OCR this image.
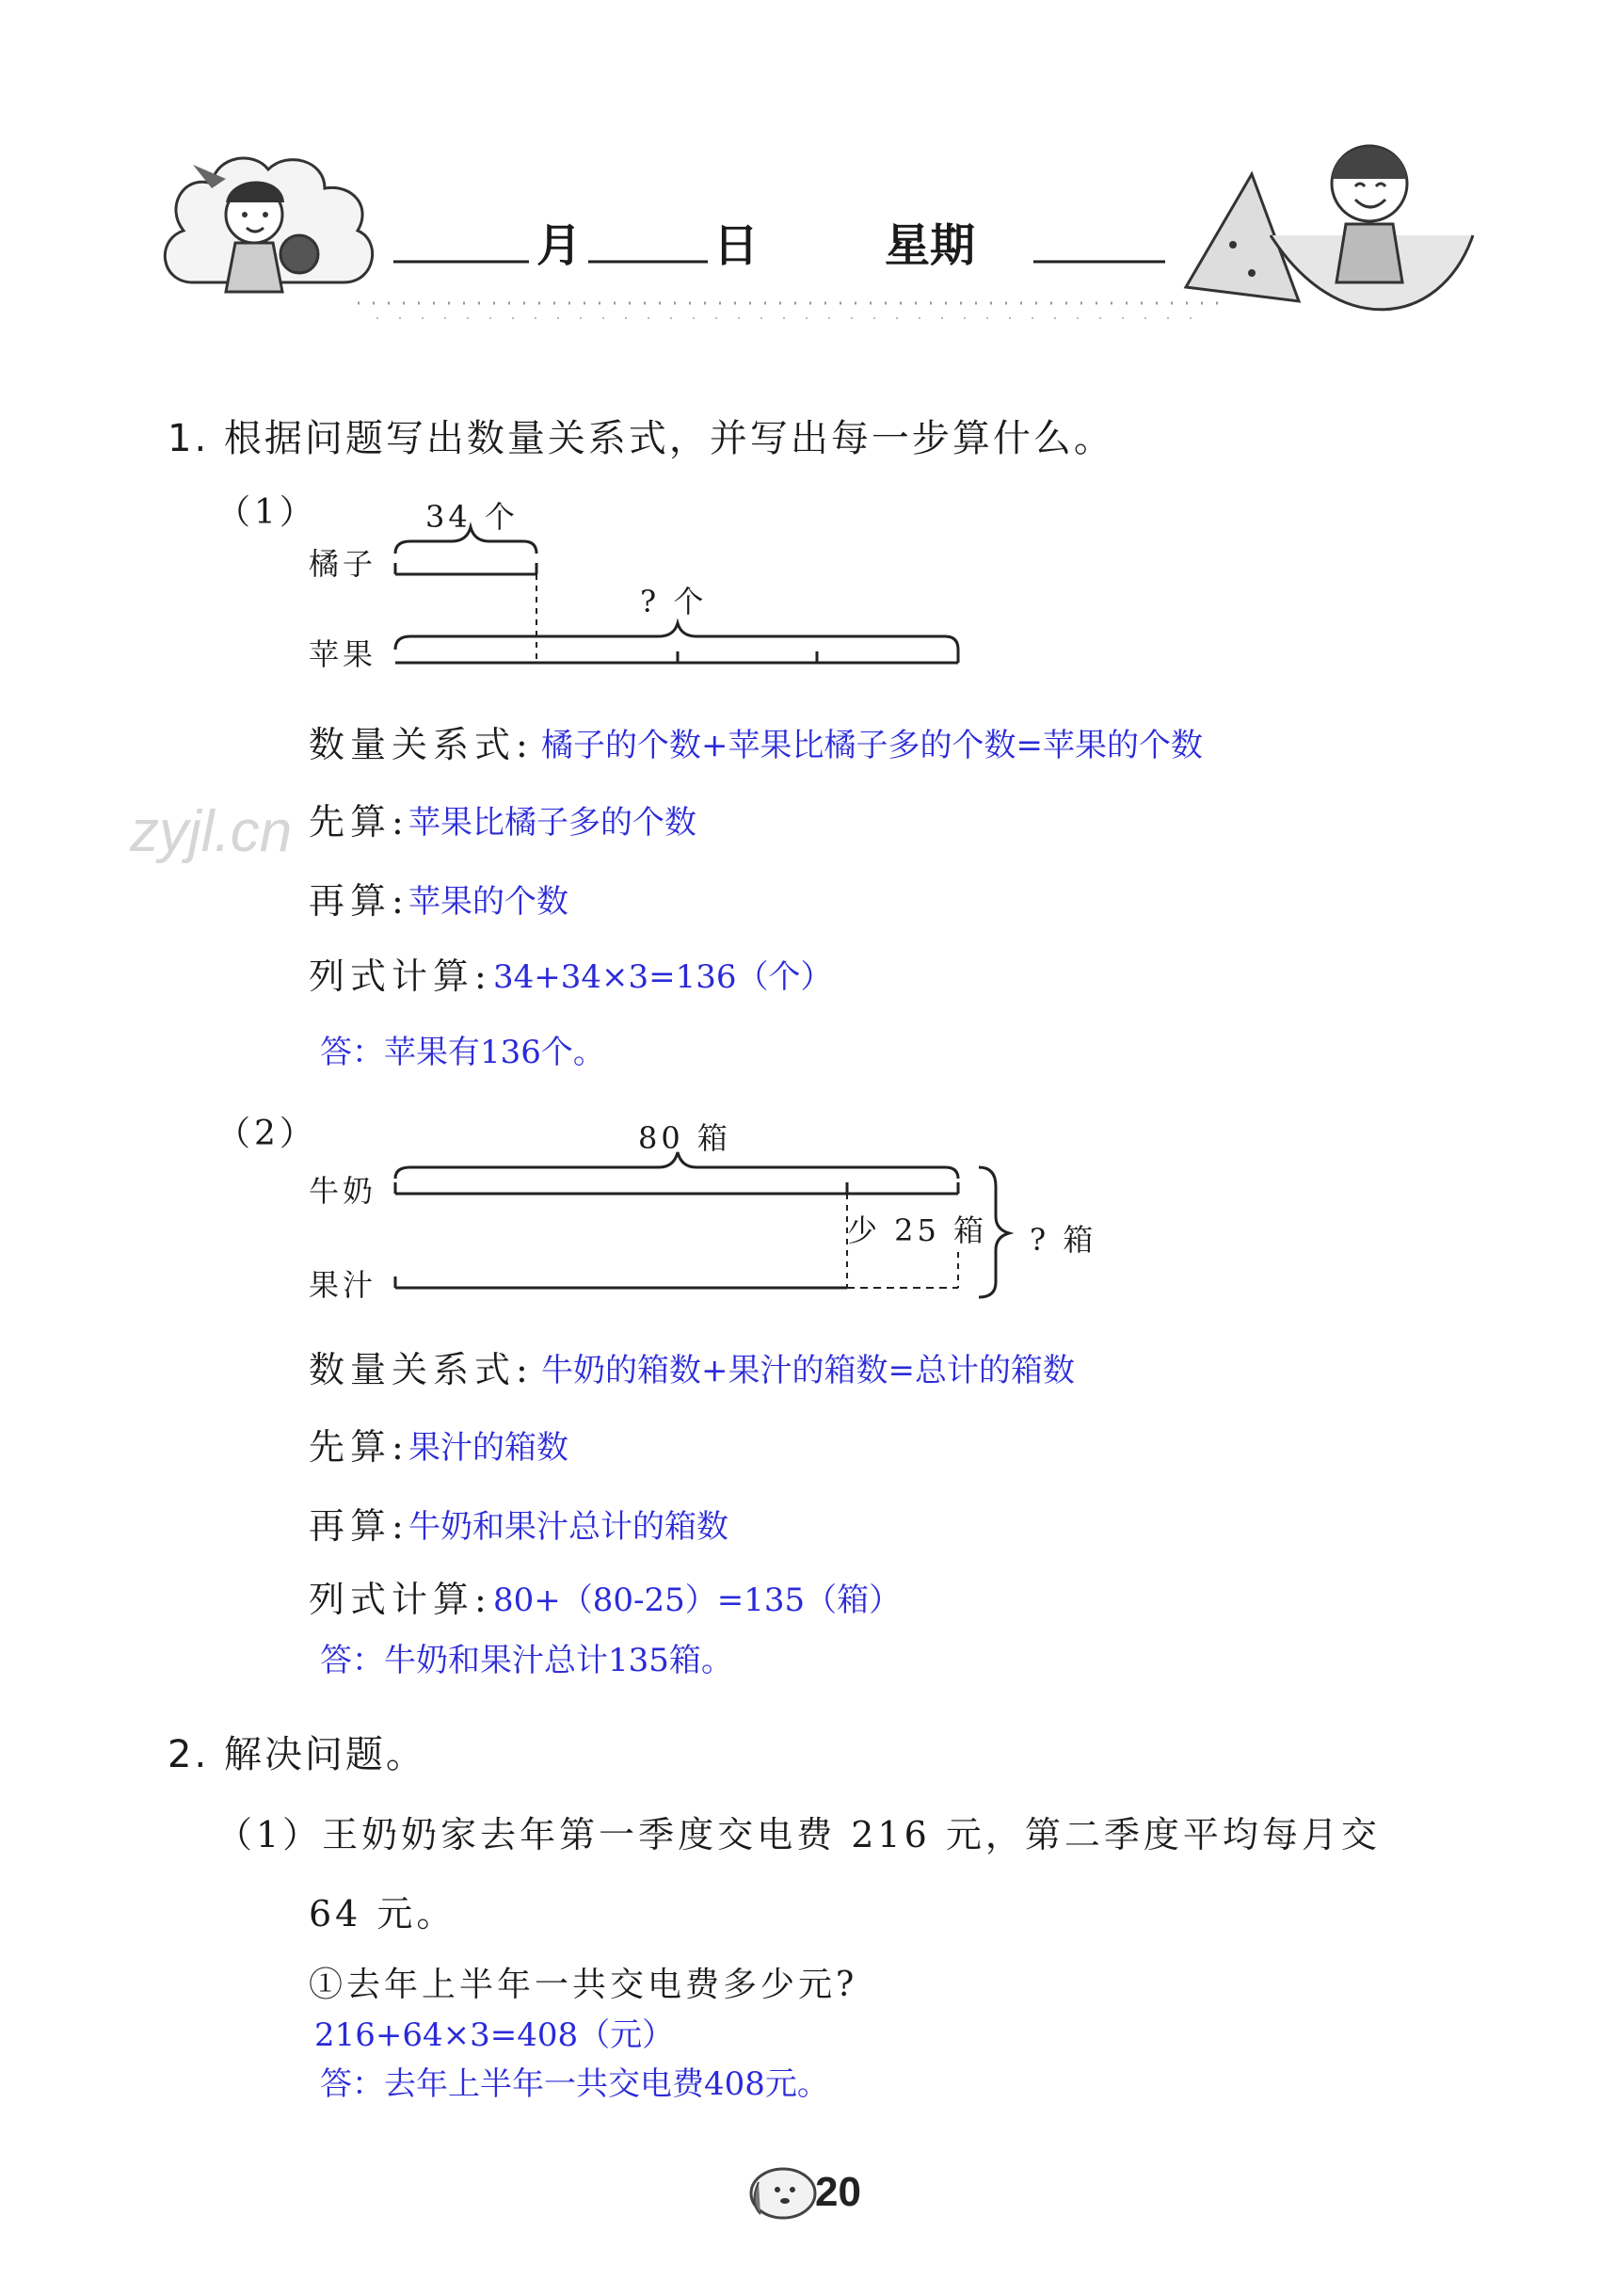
月	日	星期
zyjl.cn
1. 根据问题写出数量关系式，并写出每一步算什么。
（1）	34 个
橘子
苹果
? 个
数量关系式: 橘子的个数+苹果比橘子多的个数=苹果的个数
先算: 苹果比橘子多的个数
再算: 苹果的个数
列式计算: 34+34×3=136（个）
答：苹果有136个。
（2）	80 箱
牛奶
果汁
少 25 箱 ? 箱
数量关系式: 牛奶的箱数+果汁的箱数=总计的箱数
先算: 果汁的箱数
再算: 牛奶和果汁总计的箱数
列式计算: 80+（80-25）=135（箱）
答：牛奶和果汁总计135箱。
2. 解决问题。
（1）王奶奶家去年第一季度交电费 216 元，第二季度平均每月交
64 元。
①去年上半年一共交电费多少元?
216+64×3=408（元）
答：去年上半年一共交电费408元。
20
